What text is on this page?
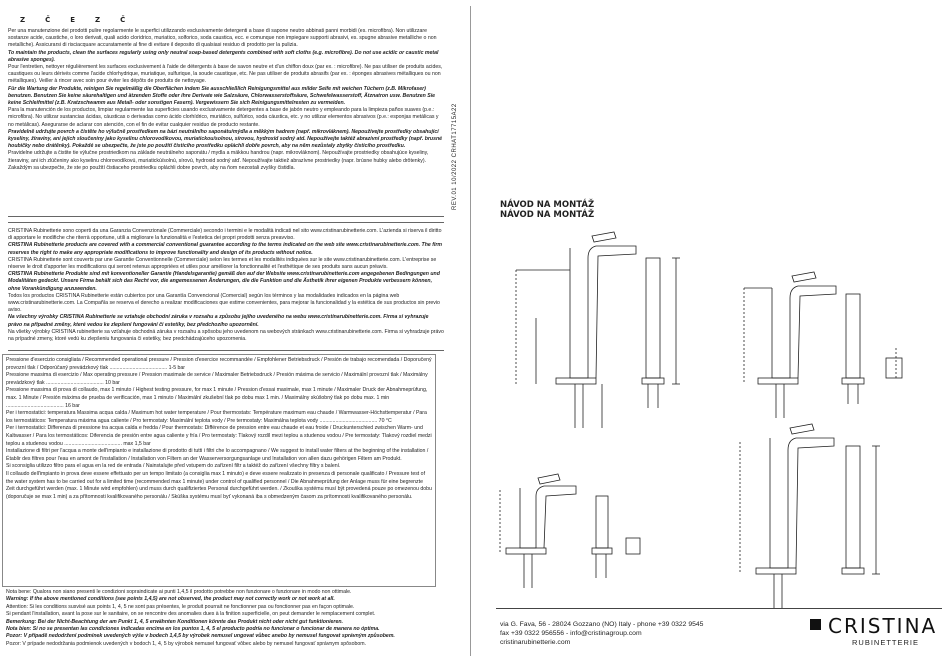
ZČEZČ

Per una manutenzione dei prodotti pulire regolarmente le superfici utilizzando esclusivamente detergenti a base di sapone neutro abbinati panni morbidi (es. microfibra). Non utilizzare sostanze acide, caustiche, o loro derivati, quali acido cloridrico, muriatico, solforico, soda caustica, ecc. e comunque non impiegare supporti abrasivi, es. spugne abrasive metalliche o non metalliche). Assicurarsi di risciacquare accuratamente al fine di evitare il deposito di qualsiasi residuo di prodotto per la pulizia.

To maintain the products, clean the surfaces regularly using only neutral soap-based detergents combined with soft cloths (e.g. microfibre). Do not use acidic or caustic metal abrasive sponges).

Pour l'entretien, nettoyer régulièrement les surfaces exclusivement à l'aide de détergents à base de savon neutre et d'un chiffon doux (par ex. : microfibre). Ne pas utiliser de produits acides, caustiques ou leurs dérivés comme l'acide chlorhydrique, muriatique, sulfurique, la soude caustique, etc. Ne pas utiliser de produits abrasifs (par ex. : éponges abrasives métalliques ou non métalliques). Veiller à rincer avec soin pour éviter les dépôts de produits de nettoyage.

Für die Wartung der Produkte, reinigen Sie regelmäßig die Oberflächen indem Sie ausschließlich Reinigungsmittel aus milder Seife mit weichen Tüchern (z.B. Mikrofaser) benutzen. Benutzen Sie keine säurehaltigen und ätzenden Stoffe oder ihre Derivate wie Salzsäure, Chlorwasserstoffsäure, Schwefelwasserstoff, Ätznatron usw. Benutzen Sie keine Schleifmittel (z.B. Kratzschwamm aus Metall- oder sonstigen Fasern). Vergewissern Sie sich Reinigungsmittelresten zu vermeiden.

Para la manutención de los productos, limpiar regularmente las superficies usando exclusivamente detergentes a base de jabón neutro y empleando para la limpieza paños suaves (p.e.: microfibra). No utilizar sustancias ácidas, cáusticas o derivadas como ácido clorhídrico, muriático, sulfúrico, soda cáustica, etc. y no utilizar elementos abrasivos (p.e.: esponjas metálicas y no metálicas). Asegurarse de aclarar con atención, con el fin de evitar cualquier residuo de producto restante.

Pravidelně udržujte povrch a čistěte ho výlučně prostředkem na bázi neutrálního saponátu/mýdla a měkkým hadrem (např. mikrovláknem). Nepoužívejte prostředky obsahující kyseliny, žíraviny, ani jejich sloučeniny jako kyselinu chlorovodíkovou, muriatickou/solnou, sírovou, hydroxid sodný atd. Nepoužívejte taktéž abrazivní prostředky (např. brusné houbičky nebo drátěnky). Pokaždé se ubezpečte, že jste po použití čisticího prostředku opláchli dobře povrch, aby na něm nezůstaly zbytky čisticího prostředku.

Pravidelne udržujte a čistite tie výlučne prostriedkom na základe neutrálneho saponátu / mydla a mäkkou handrou (napr. mikrovláknom). Nepoužívajte prostriedky obsahujúce kyseliny, žieraviny, ani ich zlúčeniny ako kyselinu chlorovodíkovú, muriatickú/solnú, sírovú, hydroxid sodný atď. Nepoužívajte taktiež abrazívne prostriedky (napr. brúsne hubky alebo drôtenky). Zakaždým sa ubezpečte, že ste po použití čistiaceho prostriedku opláchli dobre povrch, aby na ňom nezostali zvyšky čistidla.

CRISTINA Rubinetterie sono coperti da una Garanzia Convenzionale (Commerciale) secondo i termini e le modalità indicati nel sito www.cristinarubinetterie.com. L'azienda si riserva il diritto di apportare le modifiche che riterrà opportune, utili a migliorare la funzionalità e l'estetica dei propri prodotti senza preavviso.

CRISTINA Rubinetterie products are covered with a commercial conventional guarantee according to the terms indicated on the web site www.cristinarubinetterie.com. The firm reserves the right to make any appropriate modifications to improve functionality and design of its products without notice.

CRISTINA Rubinetterie sont couverts par une Garantie Conventionnelle (Commerciale) selon les termes et les modalités indiquées sur le site www.cristinarubinetterie.com. L'entreprise se réserve le droit d'apporter les modifications qui seront retenus appropriées et utiles pour améliorer la fonctionnalité et l'esthétique de ses produits sans aucun préavis.

CRISTINA Rubinetterie Produkte sind mit konventioneller Garantie (Handelsgarantie) gemäß den auf der Website www.cristinarubinetterie.com angegebenen Bedingungen und Modalitäten gedeckt. Unsere Firma behält sich das Recht vor, die angemessenen Änderungen, die die Funktion und die Ästhetik ihrer eigenen Produkte verbessern können, ohne Vorankündigung anzuwenden.

Todos los productos CRISTINA Rubinetterie están cubiertos por una Garantía Convencional (Comercial) según los términos y las modalidades indicados en la página web www.cristinarubinetterie.com. La Compañía se reserva el derecho a realizar modificaciones que estime convenientes, para mejorar la funcionalidad y la estética de sus productos sin previo aviso.

Na všechny výrobky CRISTINA Rubinetterie se vztahuje obchodní záruka v rozsahu a způsobu jejího uvedeného na webu www.cristinarubinetterie.com. Firma si vyhrazuje právo na případné změny, které vedou ke zlepšení fungování či estetiky, bez předchozího upozornění.

Na všetky výrobky CRISTINA rubinetterie sa vzťahuje obchodná záruka v rozsahu a spôsobu jeho uvedenom na webových stránkach www.cristinarubinetterie.com. Firma si vyhradzuje právo na prípadné zmeny, ktoré vedú ku zlepšeniu fungovania či estetiky, bez predchádzajúceho upozornenia.

Pressione d'esercizio consigliata / Recommended operational pressure / Pression d'exercice recommandée / Empfohlener Betriebsdruck / Presión de trabajo recomendada / Doporučený provozní tlak / Odporúčaný prevádzkový tlak ........................................ 1-5 bar

Pressione massima di esercizio / Max operating pressure / Pression maximale de service / Maximaler Betriebsdruck / Presión máxima de servicio / Maximální provozní tlak / Maximálny prevádzkový tlak ........................................ 10 bar

Pressione massima di prova di collaudo, max 1 minuto / Highest testing pressure, for max 1 minute / Pression d'essai maximale, max 1 minute / Maximaler Druck der Abnahmeprüfung, max. 1 Minute / Presión máxima de prueba de verificación, max 1 minuto / Maximální zkušební tlak po dobu max 1 min. / Maximálny skúšobný tlak po dobu max. 1 min ........................................ 16 bar

Per i termostatici: temperatura Massima acqua calda / Maximum hot water temperature / Pour thermostats: Température maximum eau chaude / Warmwasser-Höchsttemperatur / Para los termostáticos: Temperatura máxima agua caliente / Pro termostaty: Maximální teplota vody / Pre termostaty: Maximálna teplota vody ........................................ 70 °C

Per i termostatici: Differenza di pressione tra acqua calda e fredda / Pour thermostats: Différence de pression entre eau chaude et eau froide / Druckunterschied zwischen Warm- und Kaltwasser / Para los termostáticos: Diferencia de presión entre agua caliente y fría / Pro termostaty: Tlakový rozdíl mezi teplou a studenou vodou / Pre termostaty: Tlakový rozdiel medzi teplou a studenou vodou ........................................ max 1,5 bar

Installazione di filtri per l'acqua a monte dell'impianto e installazione di prodotto di tutti i filtri che lo accompagnano / We suggest to install water filters at the beginning of the installation / Établir des filtres pour l'eau en amont de l'installation / Installation von Filtern an der Wasserversorgungsanlage und Installation von allen dazu gehörigen Filtern am Produkt.

Si sconsiglia utilizzo filtro para el agua en la red de entrada / Nainstalujte před vstupem do zařízení filtr a taktéž do zařízení všechny filtry s balení.

Il collaudo dell'impianto in prova deve essere effettuato per un tempo limitato (a consiglia max 1 minuto) e deve essere realizzato in presenza di personale qualificato / Pressure test of the water system has to be carried out for a limited time (recommended max 1 minute) under control of qualified personnel / Die Abnahmeprüfung der Anlage muss für eine begrenzte Zeit durchgeführt werden (max. 1 Minute wird empfohlen) und muss durch qualifiziertes Personal durchgeführt werden. / Zkouška systému musí být provedená pouze po omezenou dobu (doporučuje se max 1 min) a za přítomnosti kvalifikovaného personálu / Skúška systému musí byť vykonaná iba s obmedzeným časom za prítomnosti kvalifikovaného personálu.

Nota bene: Qualora non siano presenti le condizioni sopraindicate ai punti 1,4,5 il prodotto potrebbe non funzionare o funzionare in modo non ottimale.

Warning: If the above mentioned conditions (see points 1,4,5) are not observed, the product may not correctly work or not work at all.

Attention: Si les conditions susvisé aux points 1, 4, 5 ne sont pas présentes, le produit pourrait ne fonctionner pas ou fonctionner pas en façon optimale.

Si pendant l'installation, avant la pose sur le sanitaire, on se rencontre des anomalies dues à la finition superficielle, on peut demander le remplacement complet.

Bemerkung: Bei der Nicht-Beachtung der am Punkt 1, 4, 5 erwähnten Konditionen könnte das Produkt nicht oder nicht gut funktionieren.

Nota bien: Si no se presentan las condiciones indicadas encima en los puntos 1, 4, 5 el producto podría no funcionar o funcionar de manera no óptima.

Pozor: V případě nedodržení podmínek uvedených výše v bodech 1,4,5 by výrobek nemusel ungovat vůbec anebo by nemusel fungovat správným způsobem.

Pozor: V prípade nedodržania podmienok uvedených v bodoch 1, 4, 5 by výrobok nemusel fungovať vôbec alebo by nemusel fungovať správnym spôsobom.

REV.01 10/2022 CRHAT17715A22	NÁVOD NA MONTÁŽ
NÁVOD NA MONTÁŽ

via G. Fava, 56 - 28024 Gozzano (NO) Italy - phone +39 0322 9545

fax +39 0322 956556 - info@cristinagroup.com

cristinarubinetterie.com

CRISTINA
RUBINETTERIE
